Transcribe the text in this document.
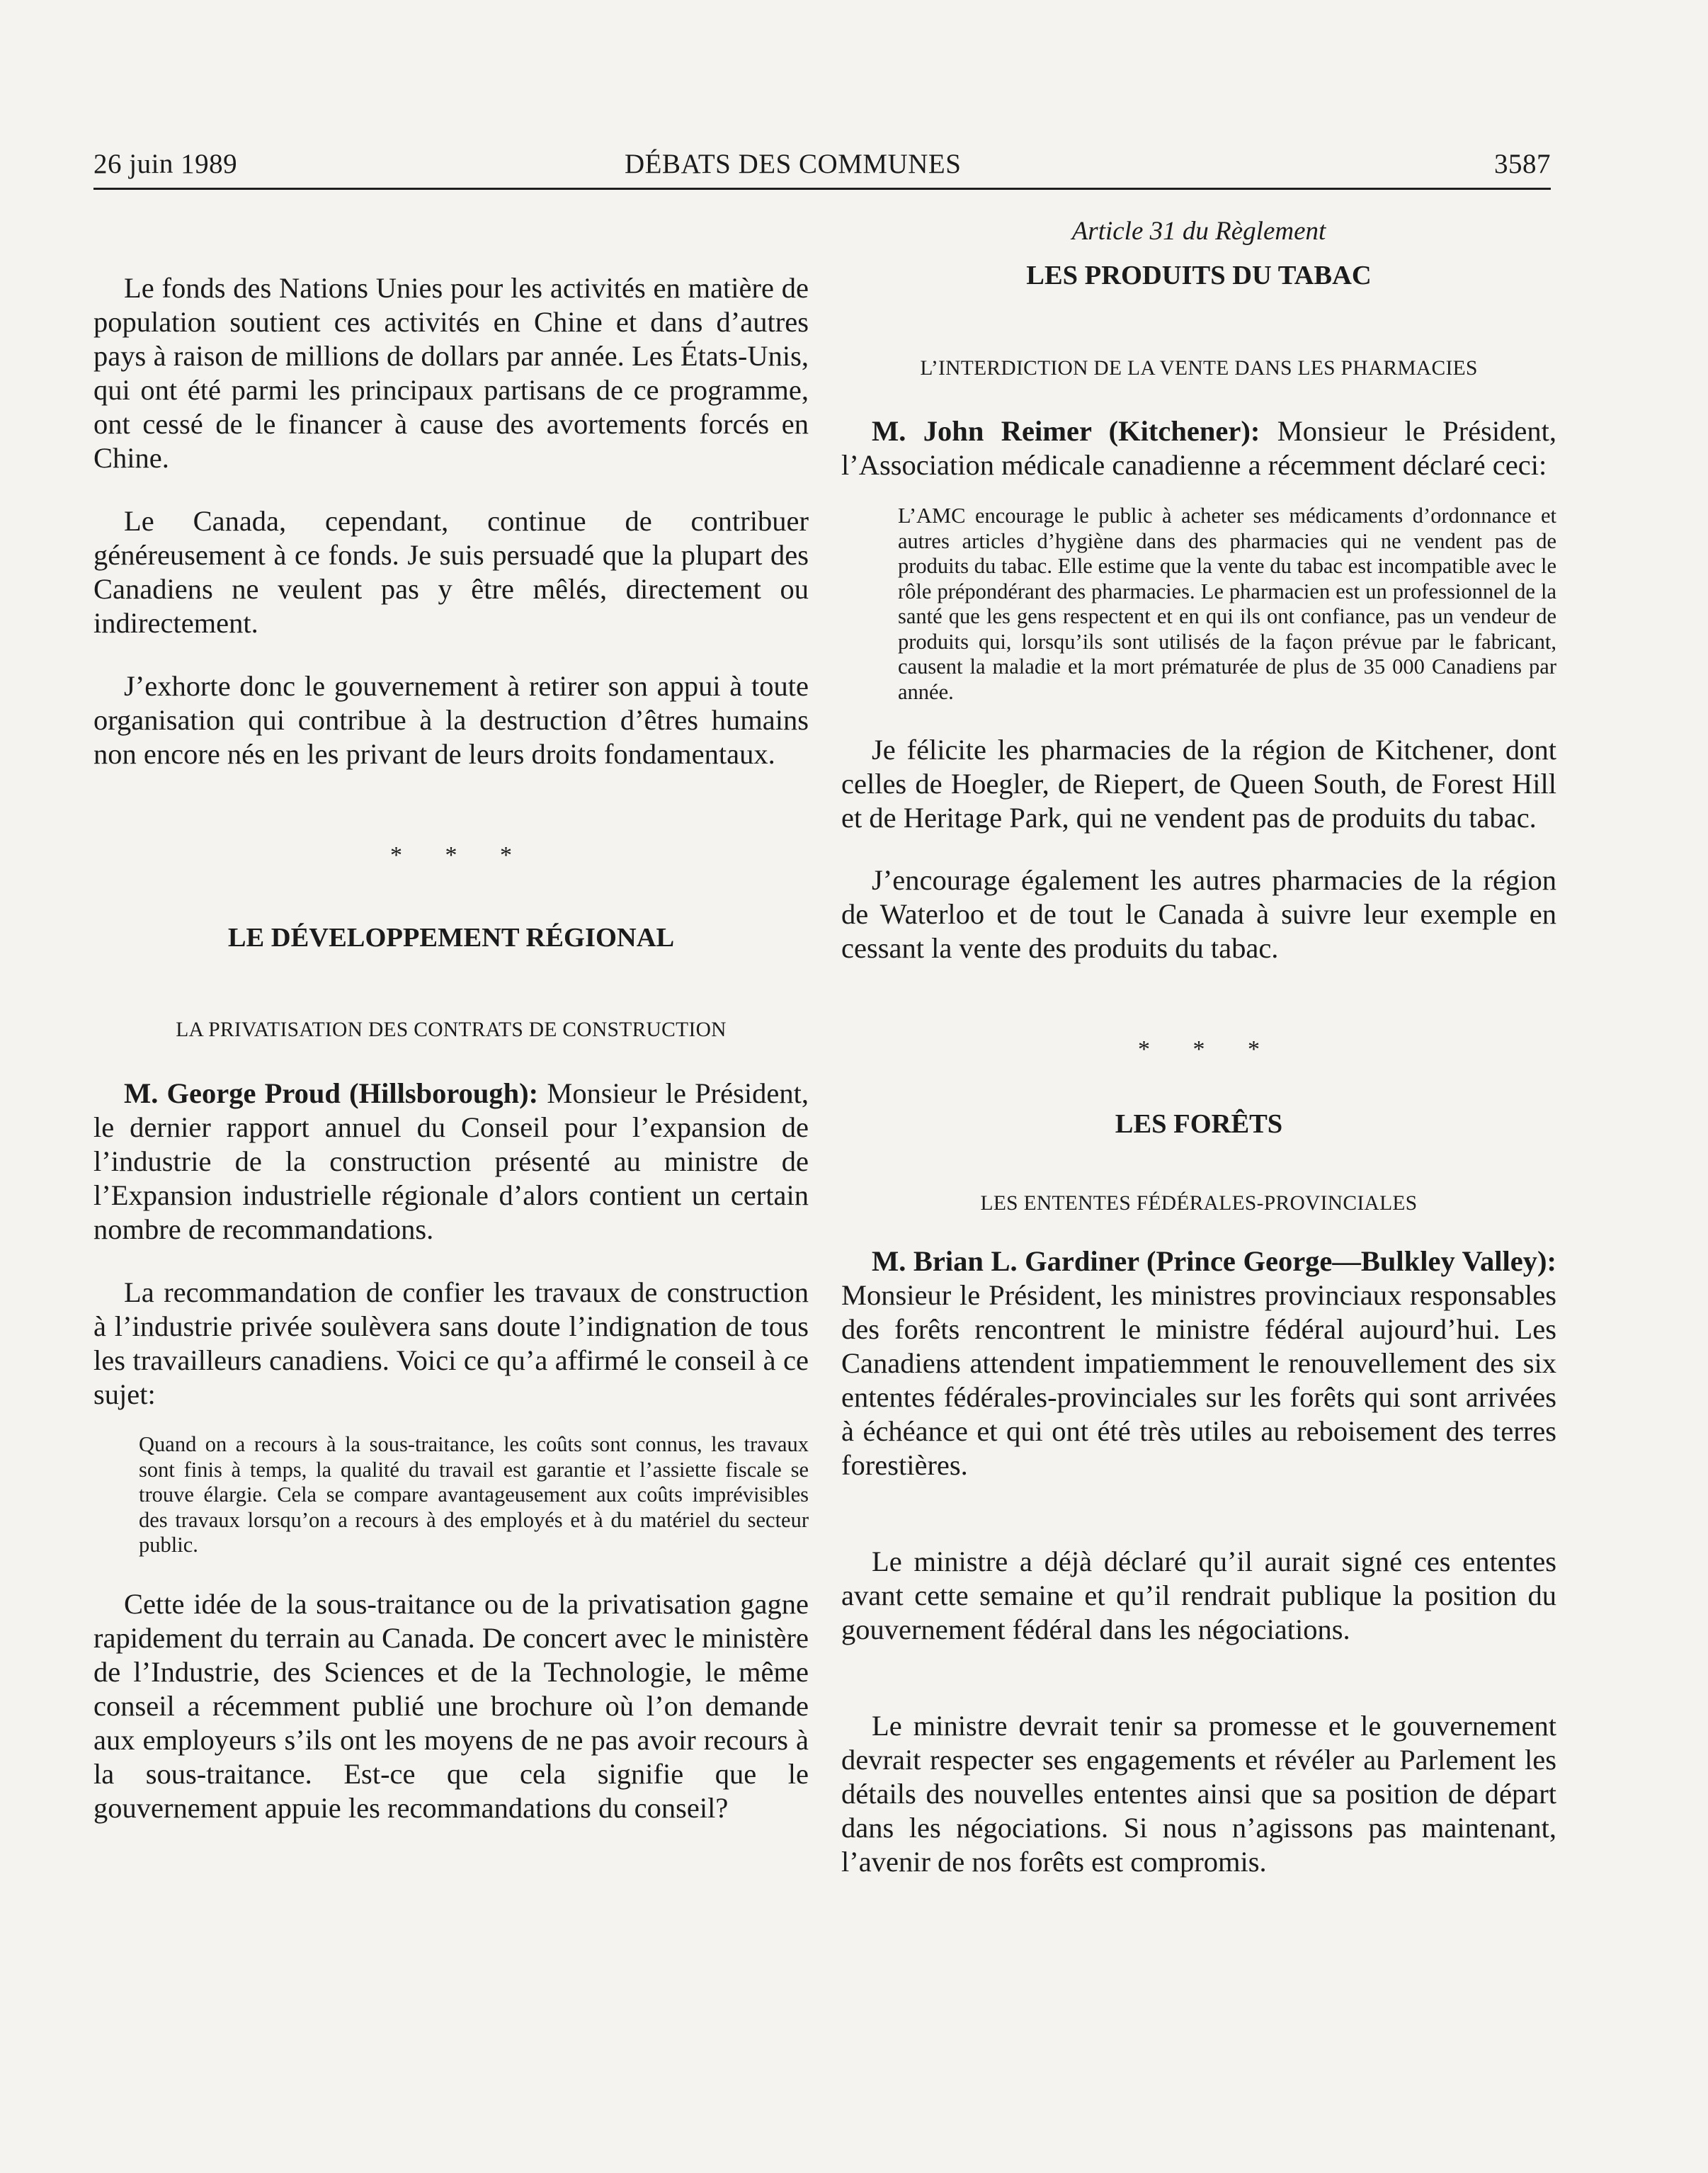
26 juin 1989	DÉBATS DES COMMUNES	3587

Le fonds des Nations Unies pour les activités en matière de population soutient ces activités en Chine et dans d’autres pays à raison de millions de dollars par année. Les États-Unis, qui ont été parmi les principaux partisans de ce programme, ont cessé de le financer à cause des avortements forcés en Chine.

Le Canada, cependant, continue de contribuer généreusement à ce fonds. Je suis persuadé que la plupart des Canadiens ne veulent pas y être mêlés, directement ou indirectement.

J’exhorte donc le gouvernement à retirer son appui à toute organisation qui contribue à la destruction d’êtres humains non encore nés en les privant de leurs droits fondamentaux.

* * *

LE DÉVELOPPEMENT RÉGIONAL

LA PRIVATISATION DES CONTRATS DE CONSTRUCTION

M. George Proud (Hillsborough): Monsieur le Président, le dernier rapport annuel du Conseil pour l’expansion de l’industrie de la construction présenté au ministre de l’Expansion industrielle régionale d’alors contient un certain nombre de recommandations.

La recommandation de confier les travaux de construction à l’industrie privée soulèvera sans doute l’indignation de tous les travailleurs canadiens. Voici ce qu’a affirmé le conseil à ce sujet:

Quand on a recours à la sous-traitance, les coûts sont connus, les travaux sont finis à temps, la qualité du travail est garantie et l’assiette fiscale se trouve élargie. Cela se compare avantageusement aux coûts imprévisibles des travaux lorsqu’on a recours à des employés et à du matériel du secteur public.

Cette idée de la sous-traitance ou de la privatisation gagne rapidement du terrain au Canada. De concert avec le ministère de l’Industrie, des Sciences et de la Technologie, le même conseil a récemment publié une brochure où l’on demande aux employeurs s’ils ont les moyens de ne pas avoir recours à la sous-traitance. Est-ce que cela signifie que le gouvernement appuie les recommandations du conseil?

Article 31 du Règlement

LES PRODUITS DU TABAC

L’INTERDICTION DE LA VENTE DANS LES PHARMACIES

M. John Reimer (Kitchener): Monsieur le Président, l’Association médicale canadienne a récemment déclaré ceci:

L’AMC encourage le public à acheter ses médicaments d’ordonnance et autres articles d’hygiène dans des pharmacies qui ne vendent pas de produits du tabac. Elle estime que la vente du tabac est incompatible avec le rôle prépondérant des pharmacies. Le pharmacien est un professionnel de la santé que les gens respectent et en qui ils ont confiance, pas un vendeur de produits qui, lorsqu’ils sont utilisés de la façon prévue par le fabricant, causent la maladie et la mort prématurée de plus de 35 000 Canadiens par année.

Je félicite les pharmacies de la région de Kitchener, dont celles de Hoegler, de Riepert, de Queen South, de Forest Hill et de Heritage Park, qui ne vendent pas de produits du tabac.

J’encourage également les autres pharmacies de la région de Waterloo et de tout le Canada à suivre leur exemple en cessant la vente des produits du tabac.

* * *

LES FORÊTS

LES ENTENTES FÉDÉRALES-PROVINCIALES

M. Brian L. Gardiner (Prince George—Bulkley Valley): Monsieur le Président, les ministres provinciaux responsables des forêts rencontrent le ministre fédéral aujourd’hui. Les Canadiens attendent impatiemment le renouvellement des six ententes fédérales-provinciales sur les forêts qui sont arrivées à échéance et qui ont été très utiles au reboisement des terres forestières.

Le ministre a déjà déclaré qu’il aurait signé ces ententes avant cette semaine et qu’il rendrait publique la position du gouvernement fédéral dans les négociations.

Le ministre devrait tenir sa promesse et le gouvernement devrait respecter ses engagements et révéler au Parlement les détails des nouvelles ententes ainsi que sa position de départ dans les négociations. Si nous n’agissons pas maintenant, l’avenir de nos forêts est compromis.
